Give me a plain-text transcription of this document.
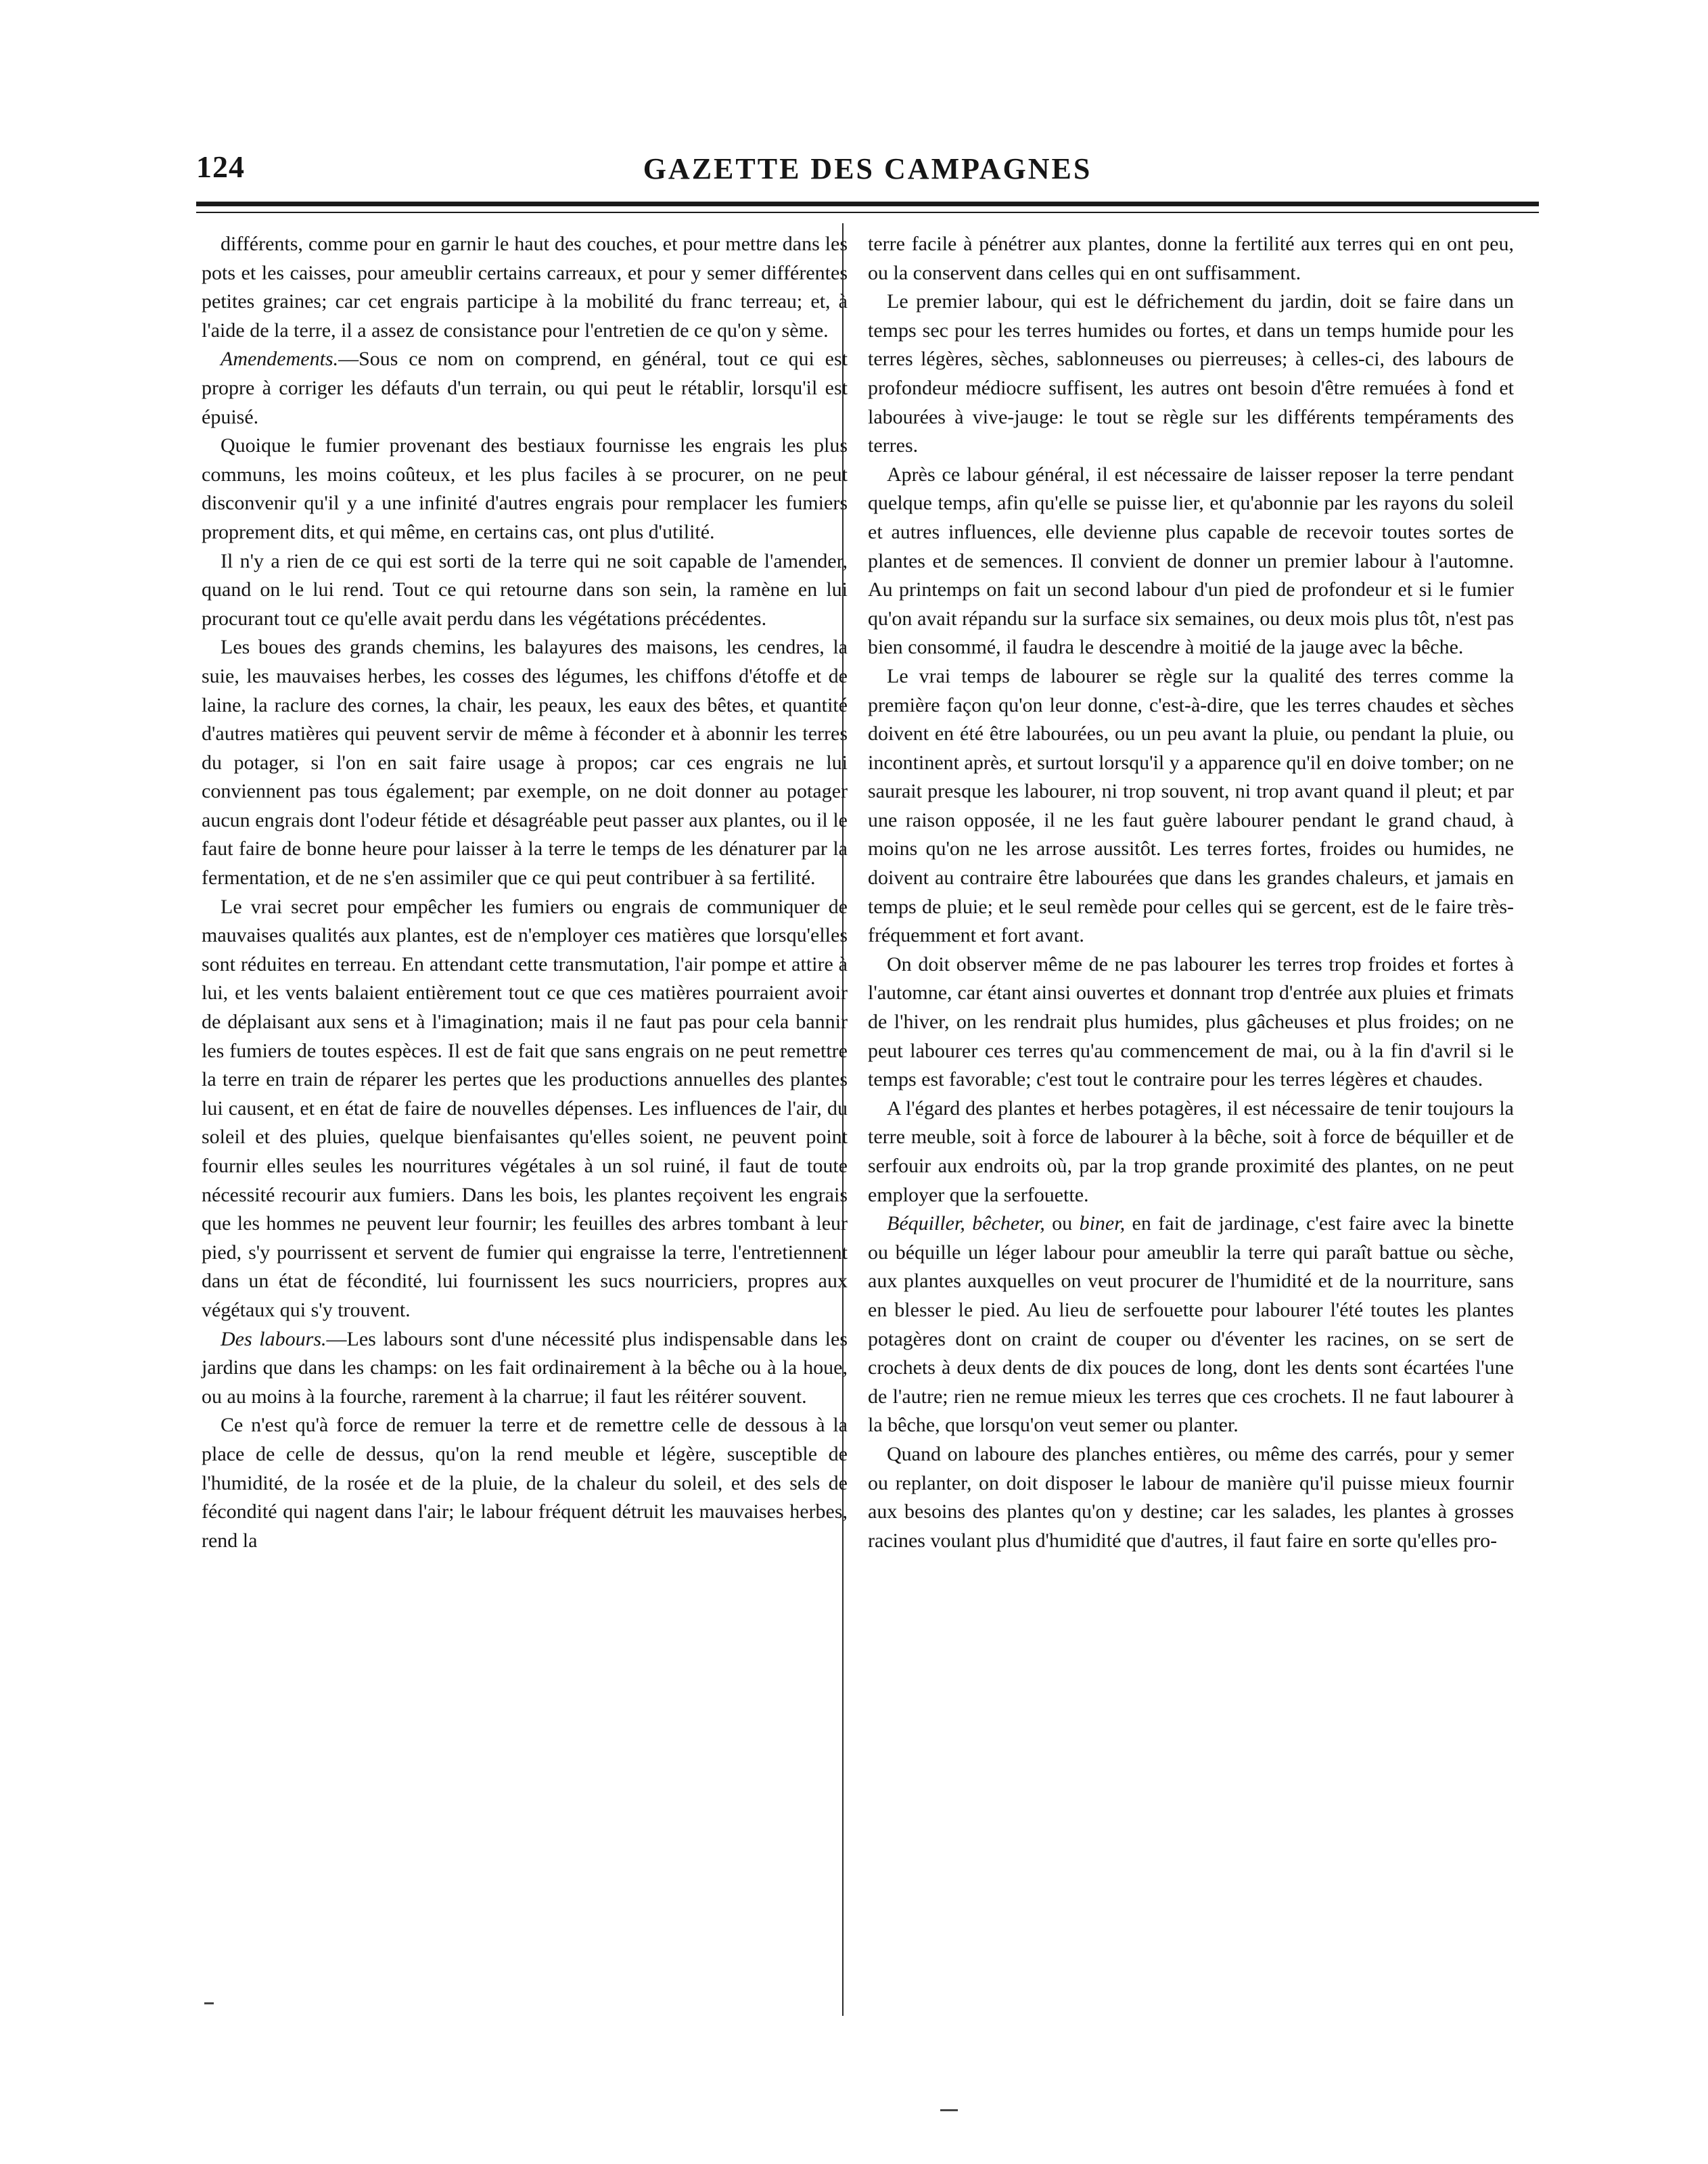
124	GAZETTE DES CAMPAGNES

différents, comme pour en garnir le haut des couches, et pour mettre dans les pots et les caisses, pour ameublir certains carreaux, et pour y semer différentes petites graines; car cet engrais participe à la mobilité du franc terreau; et, à l'aide de la terre, il a assez de consistance pour l'entretien de ce qu'on y sème.

Amendements.—Sous ce nom on comprend, en général, tout ce qui est propre à corriger les défauts d'un terrain, ou qui peut le rétablir, lorsqu'il est épuisé.

Quoique le fumier provenant des bestiaux fournisse les engrais les plus communs, les moins coûteux, et les plus faciles à se procurer, on ne peut disconvenir qu'il y a une infinité d'autres engrais pour remplacer les fumiers proprement dits, et qui même, en certains cas, ont plus d'utilité.

Il n'y a rien de ce qui est sorti de la terre qui ne soit capable de l'amender, quand on le lui rend. Tout ce qui retourne dans son sein, la ramène en lui procurant tout ce qu'elle avait perdu dans les végétations précédentes.

Les boues des grands chemins, les balayures des maisons, les cendres, la suie, les mauvaises herbes, les cosses des légumes, les chiffons d'étoffe et de laine, la raclure des cornes, la chair, les peaux, les eaux des bêtes, et quantité d'autres matières qui peuvent servir de même à féconder et à abonnir les terres du potager, si l'on en sait faire usage à propos; car ces engrais ne lui conviennent pas tous également; par exemple, on ne doit donner au potager aucun engrais dont l'odeur fétide et désagréable peut passer aux plantes, ou il le faut faire de bonne heure pour laisser à la terre le temps de les dénaturer par la fermentation, et de ne s'en assimiler que ce qui peut contribuer à sa fertilité.

Le vrai secret pour empêcher les fumiers ou engrais de communiquer de mauvaises qualités aux plantes, est de n'employer ces matières que lorsqu'elles sont réduites en terreau. En attendant cette transmutation, l'air pompe et attire à lui, et les vents balaient entièrement tout ce que ces matières pourraient avoir de déplaisant aux sens et à l'imagination; mais il ne faut pas pour cela bannir les fumiers de toutes espèces. Il est de fait que sans engrais on ne peut remettre la terre en train de réparer les pertes que les productions annuelles des plantes lui causent, et en état de faire de nouvelles dépenses. Les influences de l'air, du soleil et des pluies, quelque bienfaisantes qu'elles soient, ne peuvent point fournir elles seules les nourritures végétales à un sol ruiné, il faut de toute nécessité recourir aux fumiers. Dans les bois, les plantes reçoivent les engrais que les hommes ne peuvent leur fournir; les feuilles des arbres tombant à leur pied, s'y pourrissent et servent de fumier qui engraisse la terre, l'entretiennent dans un état de fécondité, lui fournissent les sucs nourriciers, propres aux végétaux qui s'y trouvent.

Des labours.—Les labours sont d'une nécessité plus indispensable dans les jardins que dans les champs: on les fait ordinairement à la bêche ou à la houe, ou au moins à la fourche, rarement à la charrue; il faut les réitérer souvent.

Ce n'est qu'à force de remuer la terre et de remettre celle de dessous à la place de celle de dessus, qu'on la rend meuble et légère, susceptible de l'humidité, de la rosée et de la pluie, de la chaleur du soleil, et des sels de fécondité qui nagent dans l'air; le labour fréquent détruit les mauvaises herbes, rend la

terre facile à pénétrer aux plantes, donne la fertilité aux terres qui en ont peu, ou la conservent dans celles qui en ont suffisamment.

Le premier labour, qui est le défrichement du jardin, doit se faire dans un temps sec pour les terres humides ou fortes, et dans un temps humide pour les terres légères, sèches, sablonneuses ou pierreuses; à celles-ci, des labours de profondeur médiocre suffisent, les autres ont besoin d'être remuées à fond et labourées à vive-jauge: le tout se règle sur les différents tempéraments des terres.

Après ce labour général, il est nécessaire de laisser reposer la terre pendant quelque temps, afin qu'elle se puisse lier, et qu'abonnie par les rayons du soleil et autres influences, elle devienne plus capable de recevoir toutes sortes de plantes et de semences. Il convient de donner un premier labour à l'automne. Au printemps on fait un second labour d'un pied de profondeur et si le fumier qu'on avait répandu sur la surface six semaines, ou deux mois plus tôt, n'est pas bien consommé, il faudra le descendre à moitié de la jauge avec la bêche.

Le vrai temps de labourer se règle sur la qualité des terres comme la première façon qu'on leur donne, c'est-à-dire, que les terres chaudes et sèches doivent en été être labourées, ou un peu avant la pluie, ou pendant la pluie, ou incontinent après, et surtout lorsqu'il y a apparence qu'il en doive tomber; on ne saurait presque les labourer, ni trop souvent, ni trop avant quand il pleut; et par une raison opposée, il ne les faut guère labourer pendant le grand chaud, à moins qu'on ne les arrose aussitôt. Les terres fortes, froides ou humides, ne doivent au contraire être labourées que dans les grandes chaleurs, et jamais en temps de pluie; et le seul remède pour celles qui se gercent, est de le faire très-fréquemment et fort avant.

On doit observer même de ne pas labourer les terres trop froides et fortes à l'automne, car étant ainsi ouvertes et donnant trop d'entrée aux pluies et frimats de l'hiver, on les rendrait plus humides, plus gâcheuses et plus froides; on ne peut labourer ces terres qu'au commencement de mai, ou à la fin d'avril si le temps est favorable; c'est tout le contraire pour les terres légères et chaudes.

A l'égard des plantes et herbes potagères, il est nécessaire de tenir toujours la terre meuble, soit à force de labourer à la bêche, soit à force de béquiller et de serfouir aux endroits où, par la trop grande proximité des plantes, on ne peut employer que la serfouette.

Béquiller, bêcheter, ou biner, en fait de jardinage, c'est faire avec la binette ou béquille un léger labour pour ameublir la terre qui paraît battue ou sèche, aux plantes auxquelles on veut procurer de l'humidité et de la nourriture, sans en blesser le pied. Au lieu de serfouette pour labourer l'été toutes les plantes potagères dont on craint de couper ou d'éventer les racines, on se sert de crochets à deux dents de dix pouces de long, dont les dents sont écartées l'une de l'autre; rien ne remue mieux les terres que ces crochets. Il ne faut labourer à la bêche, que lorsqu'on veut semer ou planter.

Quand on laboure des planches entières, ou même des carrés, pour y semer ou replanter, on doit disposer le labour de manière qu'il puisse mieux fournir aux besoins des plantes qu'on y destine; car les salades, les plantes à grosses racines voulant plus d'humidité que d'autres, il faut faire en sorte qu'elles pro-
